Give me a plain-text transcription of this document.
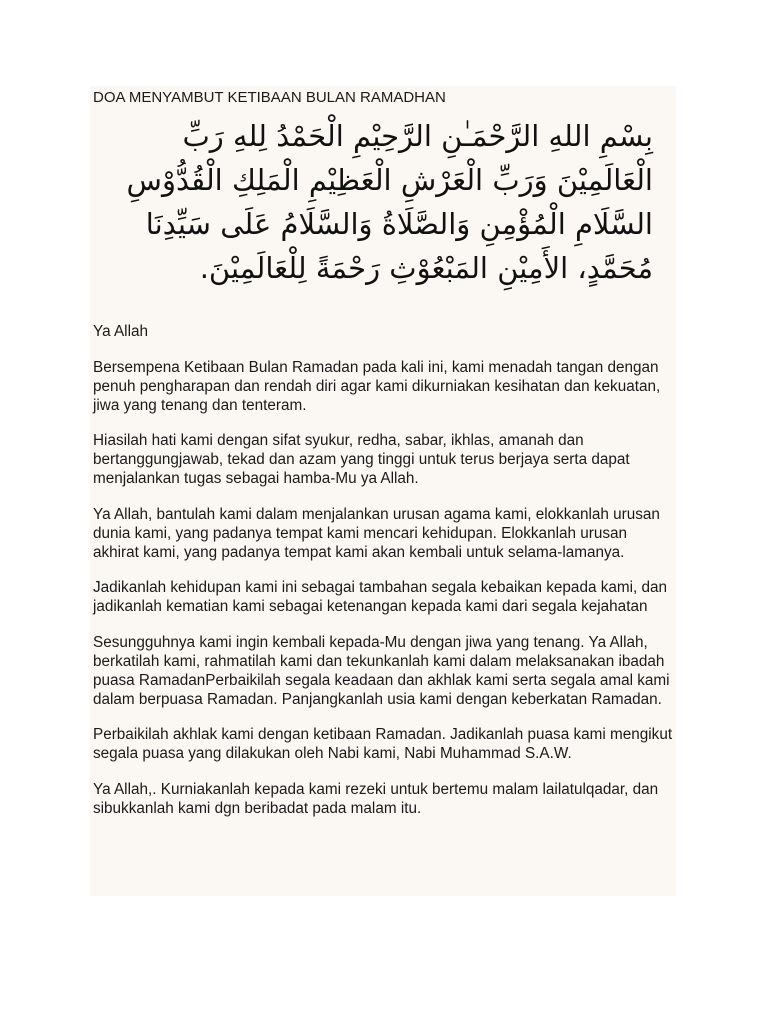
DOA MENYAMBUT KETIBAAN BULAN RAMADHAN
بِسْمِ اللهِ الرَّحْمَـٰنِ الرَّحِيْمِ الْحَمْدُ لِلهِ رَبِّ الْعَالَمِيْنَ وَرَبِّ الْعَرْشِ الْعَظِيْمِ الْمَلِكِ الْقُدُّوْسِ السَّلَامِ الْمُؤْمِنِ وَالصَّلَاةُ وَالسَّلَامُ عَلَى سَيِّدِنَا مُحَمَّدٍ، الأَمِيْنِ المَبْعُوْثِ رَحْمَةً لِلْعَالَمِيْنَ.

Ya Allah

Bersempena Ketibaan Bulan Ramadan pada kali ini, kami menadah tangan dengan penuh pengharapan dan rendah diri agar kami dikurniakan kesihatan dan kekuatan, jiwa yang tenang dan tenteram.

Hiasilah hati kami dengan sifat syukur, redha, sabar, ikhlas, amanah dan bertanggungjawab, tekad dan azam yang tinggi untuk terus berjaya serta dapat menjalankan tugas sebagai hamba-Mu ya Allah.

Ya Allah, bantulah kami dalam menjalankan urusan agama kami, elokkanlah urusan dunia kami, yang padanya tempat kami mencari kehidupan. Elokkanlah urusan akhirat kami, yang padanya tempat kami akan kembali untuk selama-lamanya.

Jadikanlah kehidupan kami ini sebagai tambahan segala kebaikan kepada kami, dan jadikanlah kematian kami sebagai ketenangan kepada kami dari segala kejahatan

Sesungguhnya kami ingin kembali kepada-Mu dengan jiwa yang tenang. Ya Allah, berkatilah kami, rahmatilah kami dan tekunkanlah kami dalam melaksanakan ibadah puasa RamadanPerbaikilah segala keadaan dan akhlak kami serta segala amal kami dalam berpuasa Ramadan. Panjangkanlah usia kami dengan keberkatan Ramadan.

Perbaikilah akhlak kami dengan ketibaan Ramadan. Jadikanlah puasa kami mengikut segala puasa yang dilakukan oleh Nabi kami, Nabi Muhammad S.A.W.

Ya Allah,. Kurniakanlah kepada kami rezeki untuk bertemu malam lailatulqadar, dan sibukkanlah kami dgn beribadat pada malam itu.
